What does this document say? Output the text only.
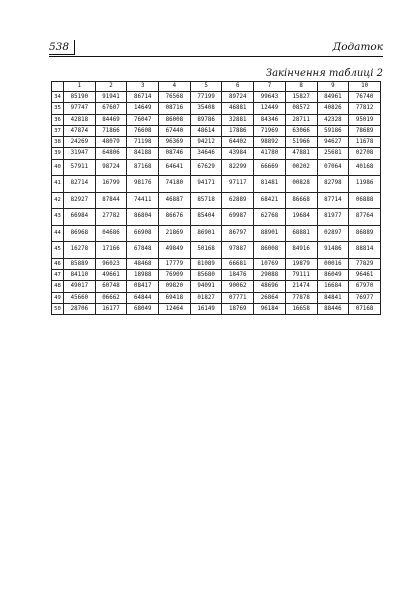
538	Додаток
Закінчення таблиці 2
	1	2	3	4	5	6	7	8	9	10
34	85190	91941	86714	76568	77199	89724	99643	15827	84961	76740
35	97747	67607	14649	08716	35408	46881	12449	08572	40826	77812
36	42818	84469	76047	86008	89786	32881	84346	28711	42328	95019
37	47874	71866	76608	67440	48614	17886	71969	63066	59186	78689
38	24269	48079	71198	96369	94212	64402	98892	51966	94627	11678
39	31947	64806	84188	08746	34646	43984	41780	47881	25681	02708
40	57911	98724	87168	64641	67629	82299	66669	00202	07064	40168
41	82714	16799	98176	74180	94171	97117	81481	00828	82798	11986
42	82927	87844	74411	46887	85718	62889	68421	86668	87714	06888
43	66984	27782	86804	86676	85404	69987	62768	19684	81977	87764
44	86968	04686	66908	21869	86901	86797	88901	68881	02897	86889
45	16278	17166	67848	49849	50168	97887	86008	84916	91486	88814
46	85889	96023	48468	17779	81089	66681	10769	19879	00016	77829
47	84110	49661	18988	76909	85680	18476	29088	79111	86049	96461
48	49017	60748	08417	09820	94091	90062	48696	21474	16684	67970
49	45660	06662	64844	69418	01827	07771	26864	77878	84841	76977
50	28706	16177	68049	12464	16149	18769	96184	16658	88446	07168
